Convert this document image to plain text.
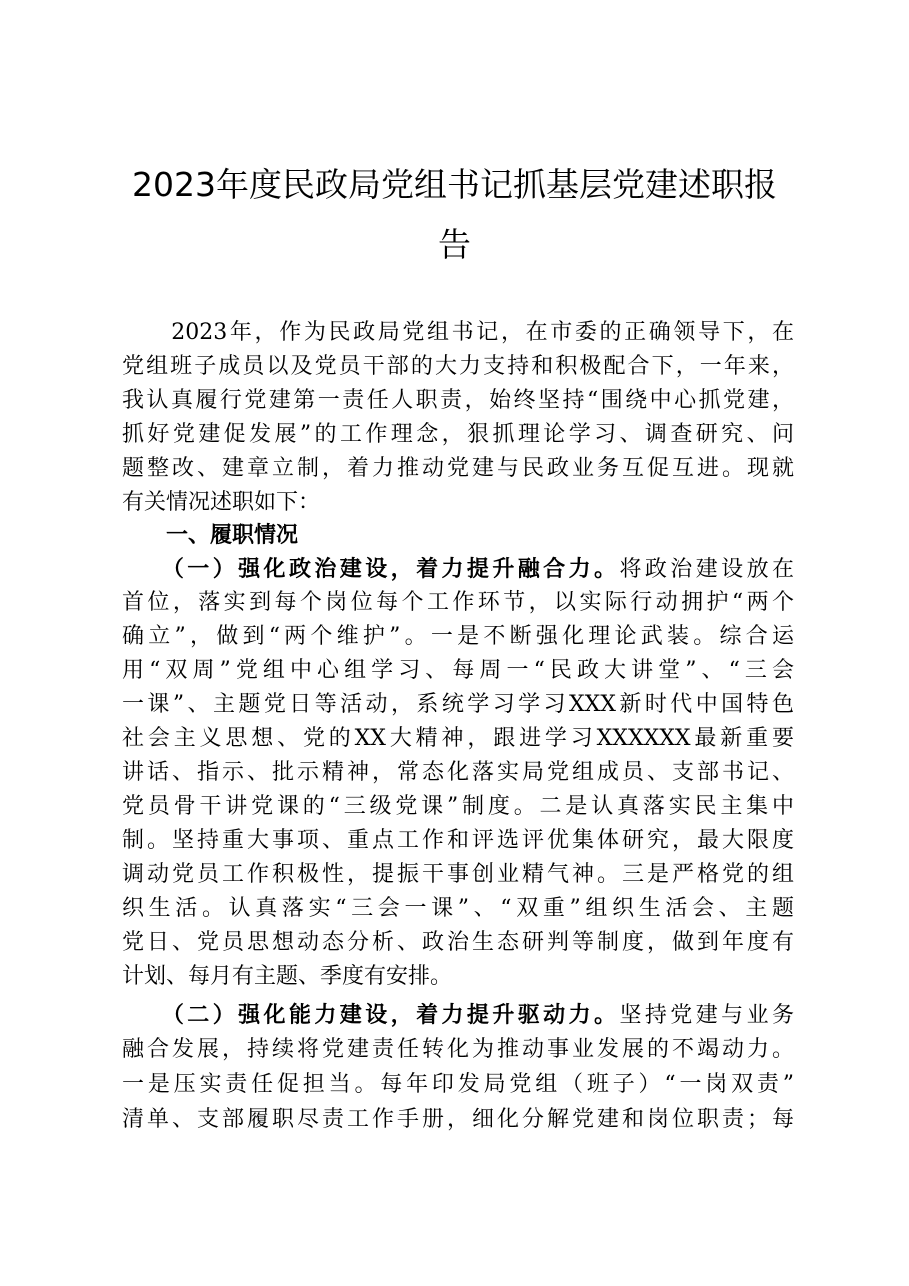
2023年度民政局党组书记抓基层党建述职报
告
　　2023年，作为民政局党组书记，在市委的正确领导下，在
党组班子成员以及党员干部的大力支持和积极配合下，一年来，
我认真履行党建第一责任人职责，始终坚持“围绕中心抓党建，
抓好党建促发展”的工作理念，狠抓理论学习、调查研究、问
题整改、建章立制，着力推动党建与民政业务互促互进。现就
有关情况述职如下：
　　一、履职情况
　　（一）强化政治建设，着力提升融合力。将政治建设放在
首位，落实到每个岗位每个工作环节，以实际行动拥护“两个
确立”，做到“两个维护”。一是不断强化理论武装。综合运
用“双周”党组中心组学习、每周一“民政大讲堂”、“三会
一课”、主题党日等活动，系统学习学习XXX新时代中国特色
社会主义思想、党的XX大精神，跟进学习XXXXXX最新重要
讲话、指示、批示精神，常态化落实局党组成员、支部书记、
党员骨干讲党课的“三级党课”制度。二是认真落实民主集中
制。坚持重大事项、重点工作和评选评优集体研究，最大限度
调动党员工作积极性，提振干事创业精气神。三是严格党的组
织生活。认真落实“三会一课”、“双重”组织生活会、主题
党日、党员思想动态分析、政治生态研判等制度，做到年度有
计划、每月有主题、季度有安排。
　　（二）强化能力建设，着力提升驱动力。坚持党建与业务
融合发展，持续将党建责任转化为推动事业发展的不竭动力。
一是压实责任促担当。每年印发局党组（班子）“一岗双责”
清单、支部履职尽责工作手册，细化分解党建和岗位职责；每
